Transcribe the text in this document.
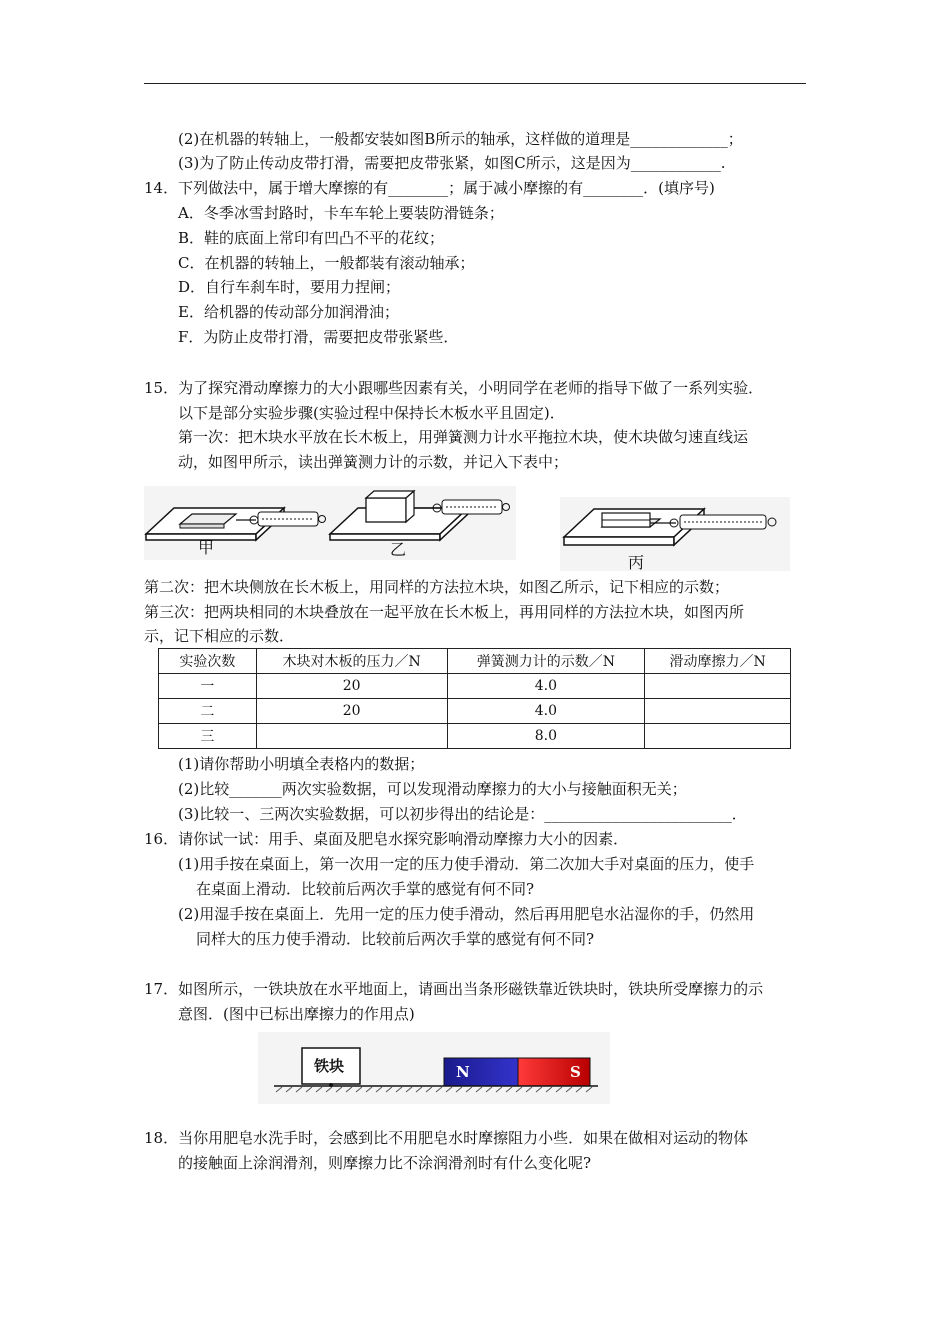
(2)在机器的转轴上，一般都安装如图B所示的轴承，这样做的道理是_____________；
(3)为了防止传动皮带打滑，需要把皮带张紧，如图C所示，这是因为____________.
14．下列做法中，属于增大摩擦的有________；属于减小摩擦的有________．(填序号)
A．冬季冰雪封路时，卡车车轮上要装防滑链条；
B．鞋的底面上常印有凹凸不平的花纹；
C．在机器的转轴上，一般都装有滚动轴承；
D．自行车刹车时，要用力捏闸；
E．给机器的传动部分加润滑油；
F．为防止皮带打滑，需要把皮带张紧些．
15．为了探究滑动摩擦力的大小跟哪些因素有关，小明同学在老师的指导下做了一系列实验．
以下是部分实验步骤(实验过程中保持长木板水平且固定)．
第一次：把木块水平放在长木板上，用弹簧测力计水平拖拉木块，使木块做匀速直线运
动，如图甲所示，读出弹簧测力计的示数，并记入下表中；
甲	乙
丙
第二次：把木块侧放在长木板上，用同样的方法拉木块，如图乙所示，记下相应的示数；
第三次：把两块相同的木块叠放在一起平放在长木板上，再用同样的方法拉木块，如图丙所
示，记下相应的示数．
实验次数	木块对木板的压力／N	弹簧测力计的示数／N	滑动摩擦力／N
一	20	4.0	
二	20	4.0	
三		8.0	
(1)请你帮助小明填全表格内的数据；
(2)比较_______两次实验数据，可以发现滑动摩擦力的大小与接触面积无关；
(3)比较一、三两次实验数据，可以初步得出的结论是：_________________________．
16．请你试一试：用手、桌面及肥皂水探究影响滑动摩擦力大小的因素．
(1)用手按在桌面上，第一次用一定的压力使手滑动．第二次加大手对桌面的压力，使手
在桌面上滑动．比较前后两次手掌的感觉有何不同?
(2)用湿手按在桌面上．先用一定的压力使手滑动，然后再用肥皂水沾湿你的手，仍然用
同样大的压力使手滑动．比较前后两次手掌的感觉有何不同?
17．如图所示，一铁块放在水平地面上，请画出当条形磁铁靠近铁块时，铁块所受摩擦力的示
意图．(图中已标出摩擦力的作用点)
铁块	N	S
18．当你用肥皂水洗手时，会感到比不用肥皂水时摩擦阻力小些．如果在做相对运动的物体
的接触面上涂润滑剂，则摩擦力比不涂润滑剂时有什么变化呢?
